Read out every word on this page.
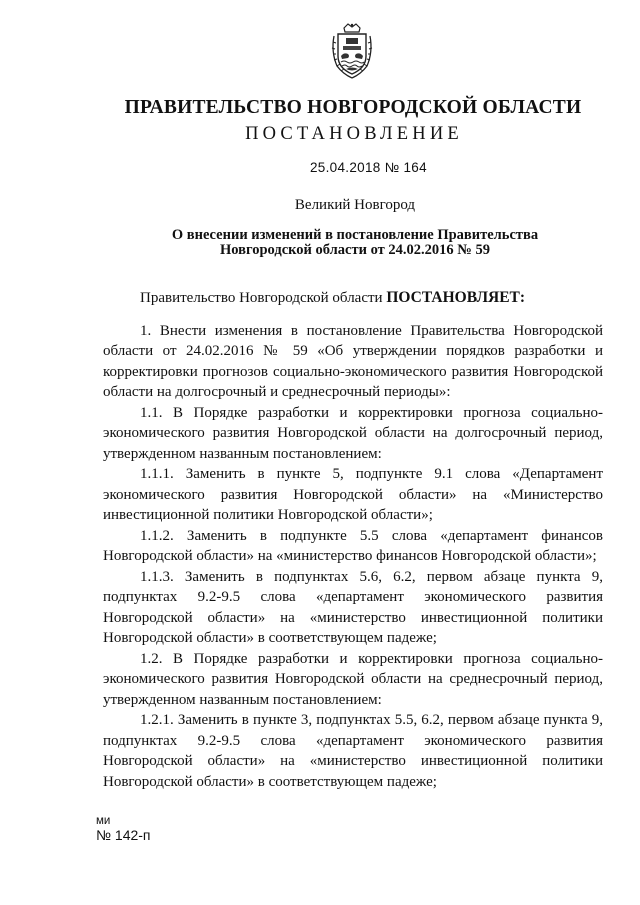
ПРАВИТЕЛЬСТВО НОВГОРОДСКОЙ ОБЛАСТИ
ПОСТАНОВЛЕНИЕ
25.04.2018 № 164
Великий Новгород
О внесении изменений в постановление Правительства
Новгородской области от 24.02.2016 № 59

Правительство Новгородской области ПОСТАНОВЛЯЕТ:

1. Внести изменения в постановление Правительства Новгородской области от 24.02.2016 № 59 «Об утверждении порядков разработки и корректировки прогнозов социально-экономического развития Новгородской области на долгосрочный и среднесрочный периоды»:

1.1. В Порядке разработки и корректировки прогноза социально-экономического развития Новгородской области на долгосрочный период, утвержденном названным постановлением:

1.1.1. Заменить в пункте 5, подпункте 9.1 слова «Департамент экономического развития Новгородской области» на «Министерство инвестиционной политики Новгородской области»;

1.1.2. Заменить в подпункте 5.5 слова «департамент финансов Новгородской области» на «министерство финансов Новгородской области»;

1.1.3. Заменить в подпунктах 5.6, 6.2, первом абзаце пункта 9, подпунктах 9.2-9.5 слова «департамент экономического развития Новгородской области» на «министерство инвестиционной политики Новгородской области» в соответствующем падеже;

1.2. В Порядке разработки и корректировки прогноза социально-экономического развития Новгородской области на среднесрочный период, утвержденном названным постановлением:

1.2.1. Заменить в пункте 3, подпунктах 5.5, 6.2, первом абзаце пункта 9, подпунктах 9.2-9.5 слова «департамент экономического развития Новгородской области» на «министерство инвестиционной политики Новгородской области» в соответствующем падеже;

ми
№ 142-п
